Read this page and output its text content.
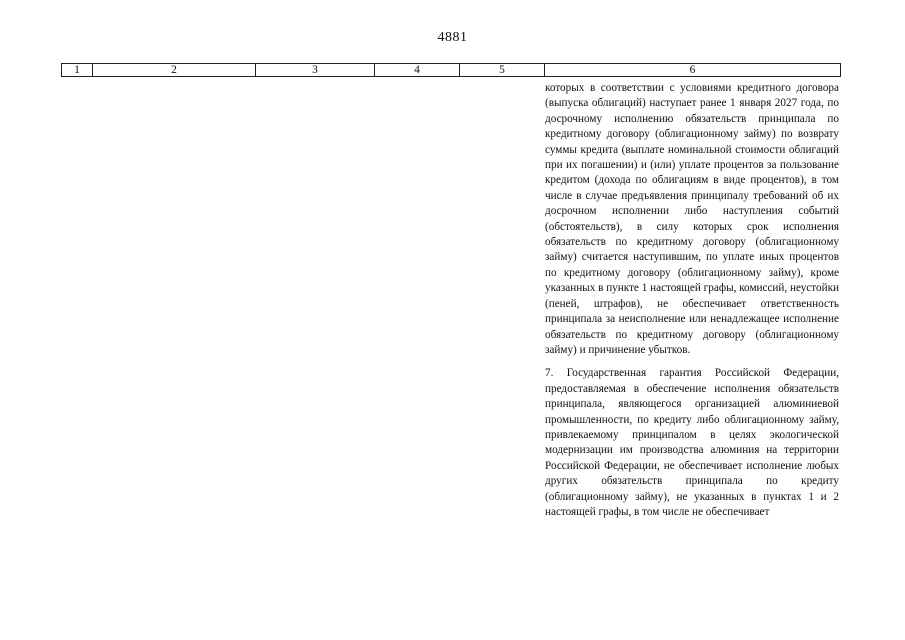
4881
1	2	3	4	5	6

которых в соответствии с условиями кредитного договора (выпуска облигаций) наступает ранее 1 января 2027 года, по досрочному исполнению обязательств принципала по кредитному договору (облигационному займу) по возврату суммы кредита (выплате номинальной стоимости облигаций при их погашении) и (или) уплате процентов за пользование кредитом (дохода по облигациям в виде процентов), в том числе в случае предъявления принципалу требований об их досрочном исполнении либо наступления событий (обстоятельств), в силу которых срок исполнения обязательств по кредитному договору (облигационному займу) считается наступившим, по уплате иных процентов по кредитному договору (облигационному займу), кроме указанных в пункте 1 настоящей графы, комиссий, неустойки (пеней, штрафов), не обеспечивает ответственность принципала за неисполнение или ненадлежащее исполнение обязательств по кредитному договору (облигационному займу) и причинение убытков.

7. Государственная гарантия Российской Федерации, предоставляемая в обеспечение исполнения обязательств принципала, являющегося организацией алюминиевой промышленности, по кредиту либо облигационному займу, привлекаемому принципалом в целях экологической модернизации им производства алюминия на территории Российской Федерации, не обеспечивает исполнение любых других обязательств принципала по кредиту (облигационному займу), не указанных в пунктах 1 и 2 настоящей графы, в том числе не обеспечивает
